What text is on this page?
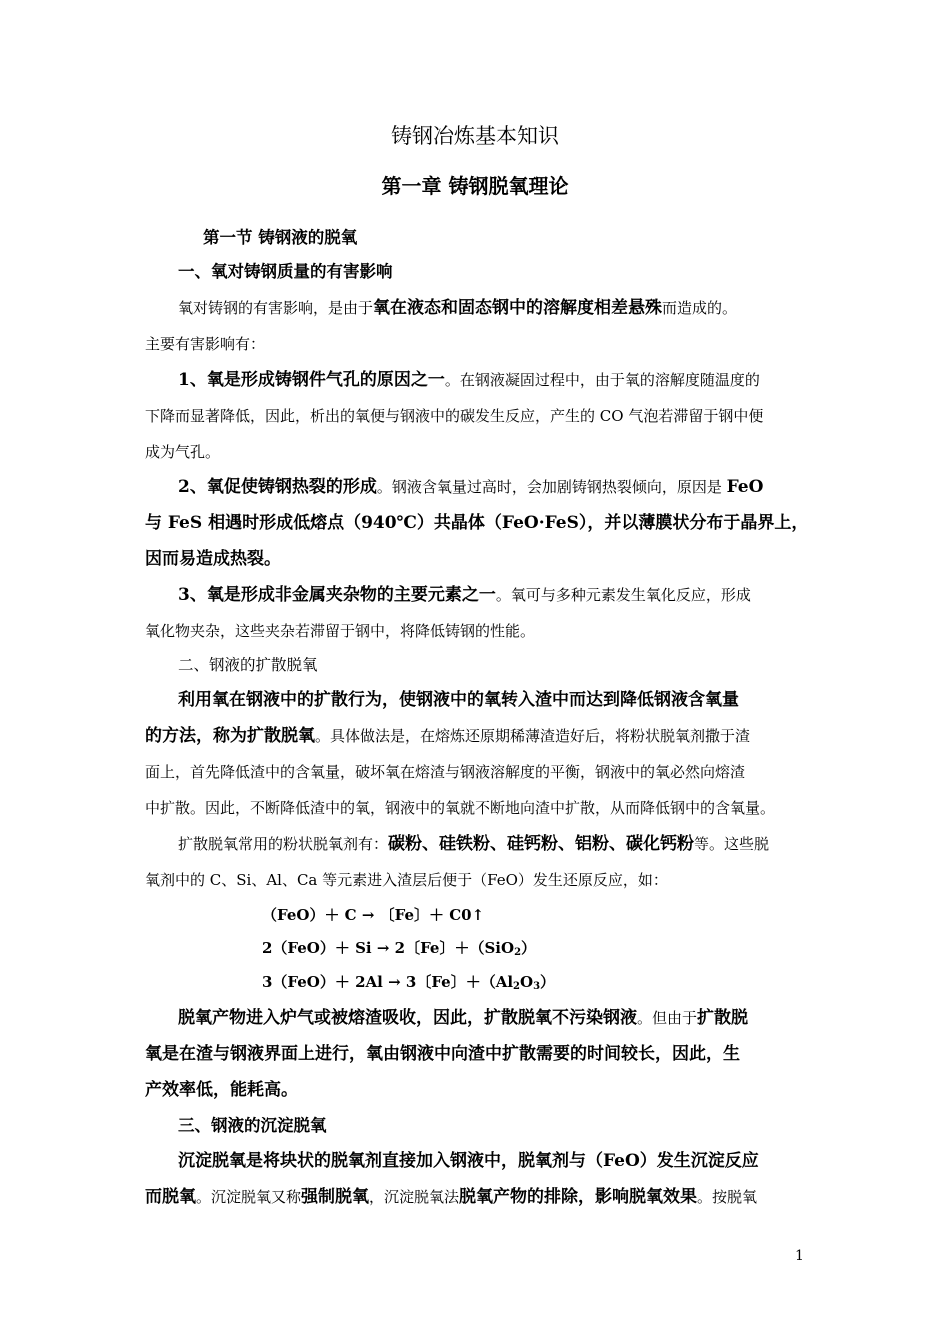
铸钢冶炼基本知识
第一章 铸钢脱氧理论
第一节 铸钢液的脱氧
一、氧对铸钢质量的有害影响
氧对铸钢的有害影响，是由于氧在液态和固态钢中的溶解度相差悬殊而造成的。
主要有害影响有：
1、氧是形成铸钢件气孔的原因之一。在钢液凝固过程中，由于氧的溶解度随温度的
下降而显著降低，因此，析出的氧便与钢液中的碳发生反应，产生的 CO 气泡若滞留于钢中便
成为气孔。
2、氧促使铸钢热裂的形成。钢液含氧量过高时，会加剧铸钢热裂倾向，原因是 FeO
与 FeS 相遇时形成低熔点（940℃）共晶体（FeO·FeS），并以薄膜状分布于晶界上，
因而易造成热裂。
3、氧是形成非金属夹杂物的主要元素之一。氧可与多种元素发生氧化反应，形成
氧化物夹杂，这些夹杂若滞留于钢中，将降低铸钢的性能。
二、钢液的扩散脱氧
利用氧在钢液中的扩散行为，使钢液中的氧转入渣中而达到降低钢液含氧量
的方法，称为扩散脱氧。具体做法是，在熔炼还原期稀薄渣造好后，将粉状脱氧剂撒于渣
面上，首先降低渣中的含氧量，破坏氧在熔渣与钢液溶解度的平衡，钢液中的氧必然向熔渣
中扩散。因此，不断降低渣中的氧，钢液中的氧就不断地向渣中扩散，从而降低钢中的含氧量。
扩散脱氧常用的粉状脱氧剂有：碳粉、硅铁粉、硅钙粉、铝粉、碳化钙粉等。这些脱
氧剂中的 C、Si、Al、Ca 等元素进入渣层后便于（FeO）发生还原反应，如：
（FeO）＋ C → 〔Fe〕＋ C0↑
2（FeO）＋ Si → 2〔Fe〕＋（SiO$_2$）
3（FeO）＋ 2Al → 3〔Fe〕$+(Al_2O_3)$
脱氧产物进入炉气或被熔渣吸收，因此，扩散脱氧不污染钢液。但由于扩散脱
氧是在渣与钢液界面上进行，氧由钢液中向渣中扩散需要的时间较长，因此，生
产效率低，能耗高。
三、钢液的沉淀脱氧
沉淀脱氧是将块状的脱氧剂直接加入钢液中，脱氧剂与（FeO）发生沉淀反应
而脱氧。沉淀脱氧又称强制脱氧，沉淀脱氧法脱氧产物的排除，影响脱氧效果。按脱氧
1
